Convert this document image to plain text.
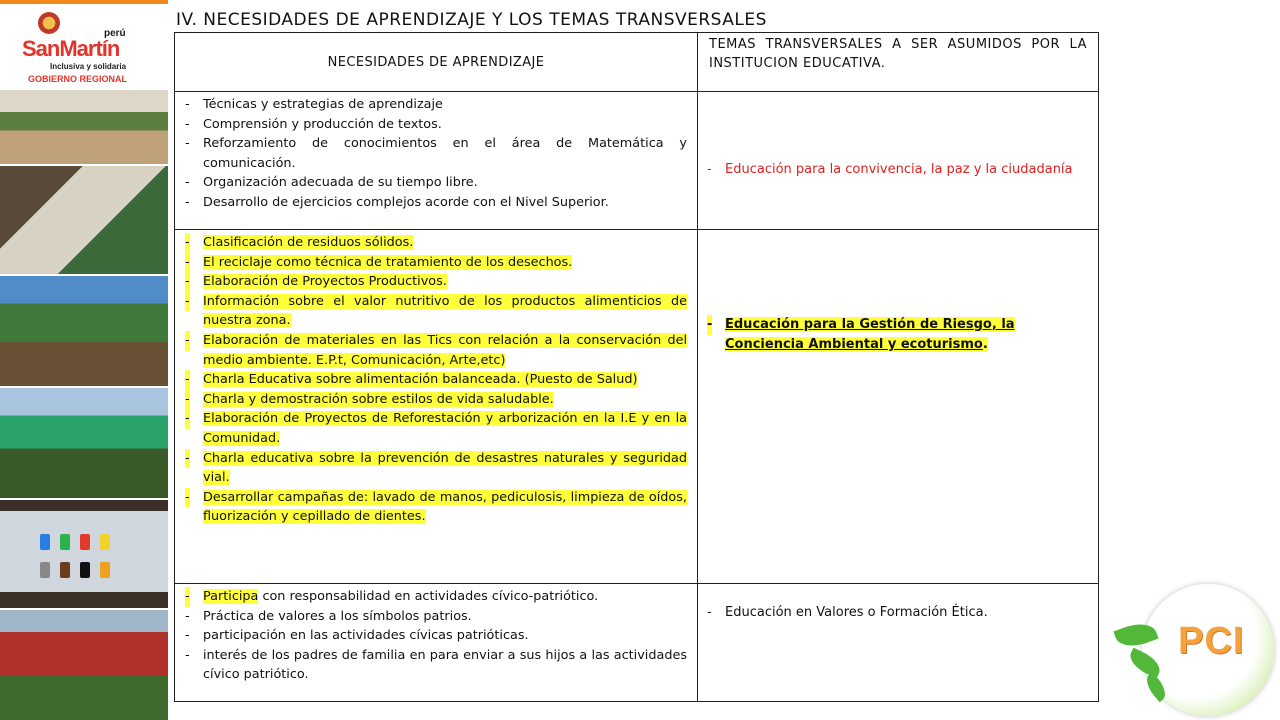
perú
SanMartín
Inclusiva y solidaria
GOBIERNO REGIONAL
IV. NECESIDADES DE APRENDIZAJE Y LOS TEMAS TRANSVERSALES
NECESIDADES DE APRENDIZAJE
TEMAS TRANSVERSALES A SER ASUMIDOS POR LA INSTITUCION EDUCATIVA.
- Técnicas y estrategias de aprendizaje
- Comprensión y producción de textos.
- Reforzamiento de conocimientos en el área de Matemática y comunicación.
- Organización adecuada de su tiempo libre.
- Desarrollo de ejercicios complejos acorde con el Nivel Superior.
- Educación para la convivencia, la paz y la ciudadanía
- Clasificación de residuos sólidos.
- El reciclaje como técnica de tratamiento de los desechos.
- Elaboración de Proyectos Productivos.
- Información sobre el valor nutritivo de los productos alimenticios de nuestra zona.
- Elaboración de materiales en las Tics con relación a la conservación del medio ambiente. E.P.t, Comunicación, Arte,etc)
- Charla Educativa sobre alimentación balanceada. (Puesto de Salud)
- Charla y demostración sobre estilos de vida saludable.
- Elaboración de Proyectos de Reforestación y arborización en la I.E y en la Comunidad.
- Charla educativa sobre la prevención de desastres naturales y seguridad vial.
- Desarrollar campañas de: lavado de manos, pediculosis, limpieza de oídos, fluorización y cepillado de dientes.
- Educación para la Gestión de Riesgo, la Conciencia Ambiental y ecoturismo.
- Participa con responsabilidad en actividades cívico-patriótico.
- Práctica de valores a los símbolos patrios.
- participación en las actividades cívicas patrióticas.
- interés de los padres de familia en para enviar a sus hijos a las actividades cívico patriótico.
- Educación en Valores o Formación Ética.
PCI
